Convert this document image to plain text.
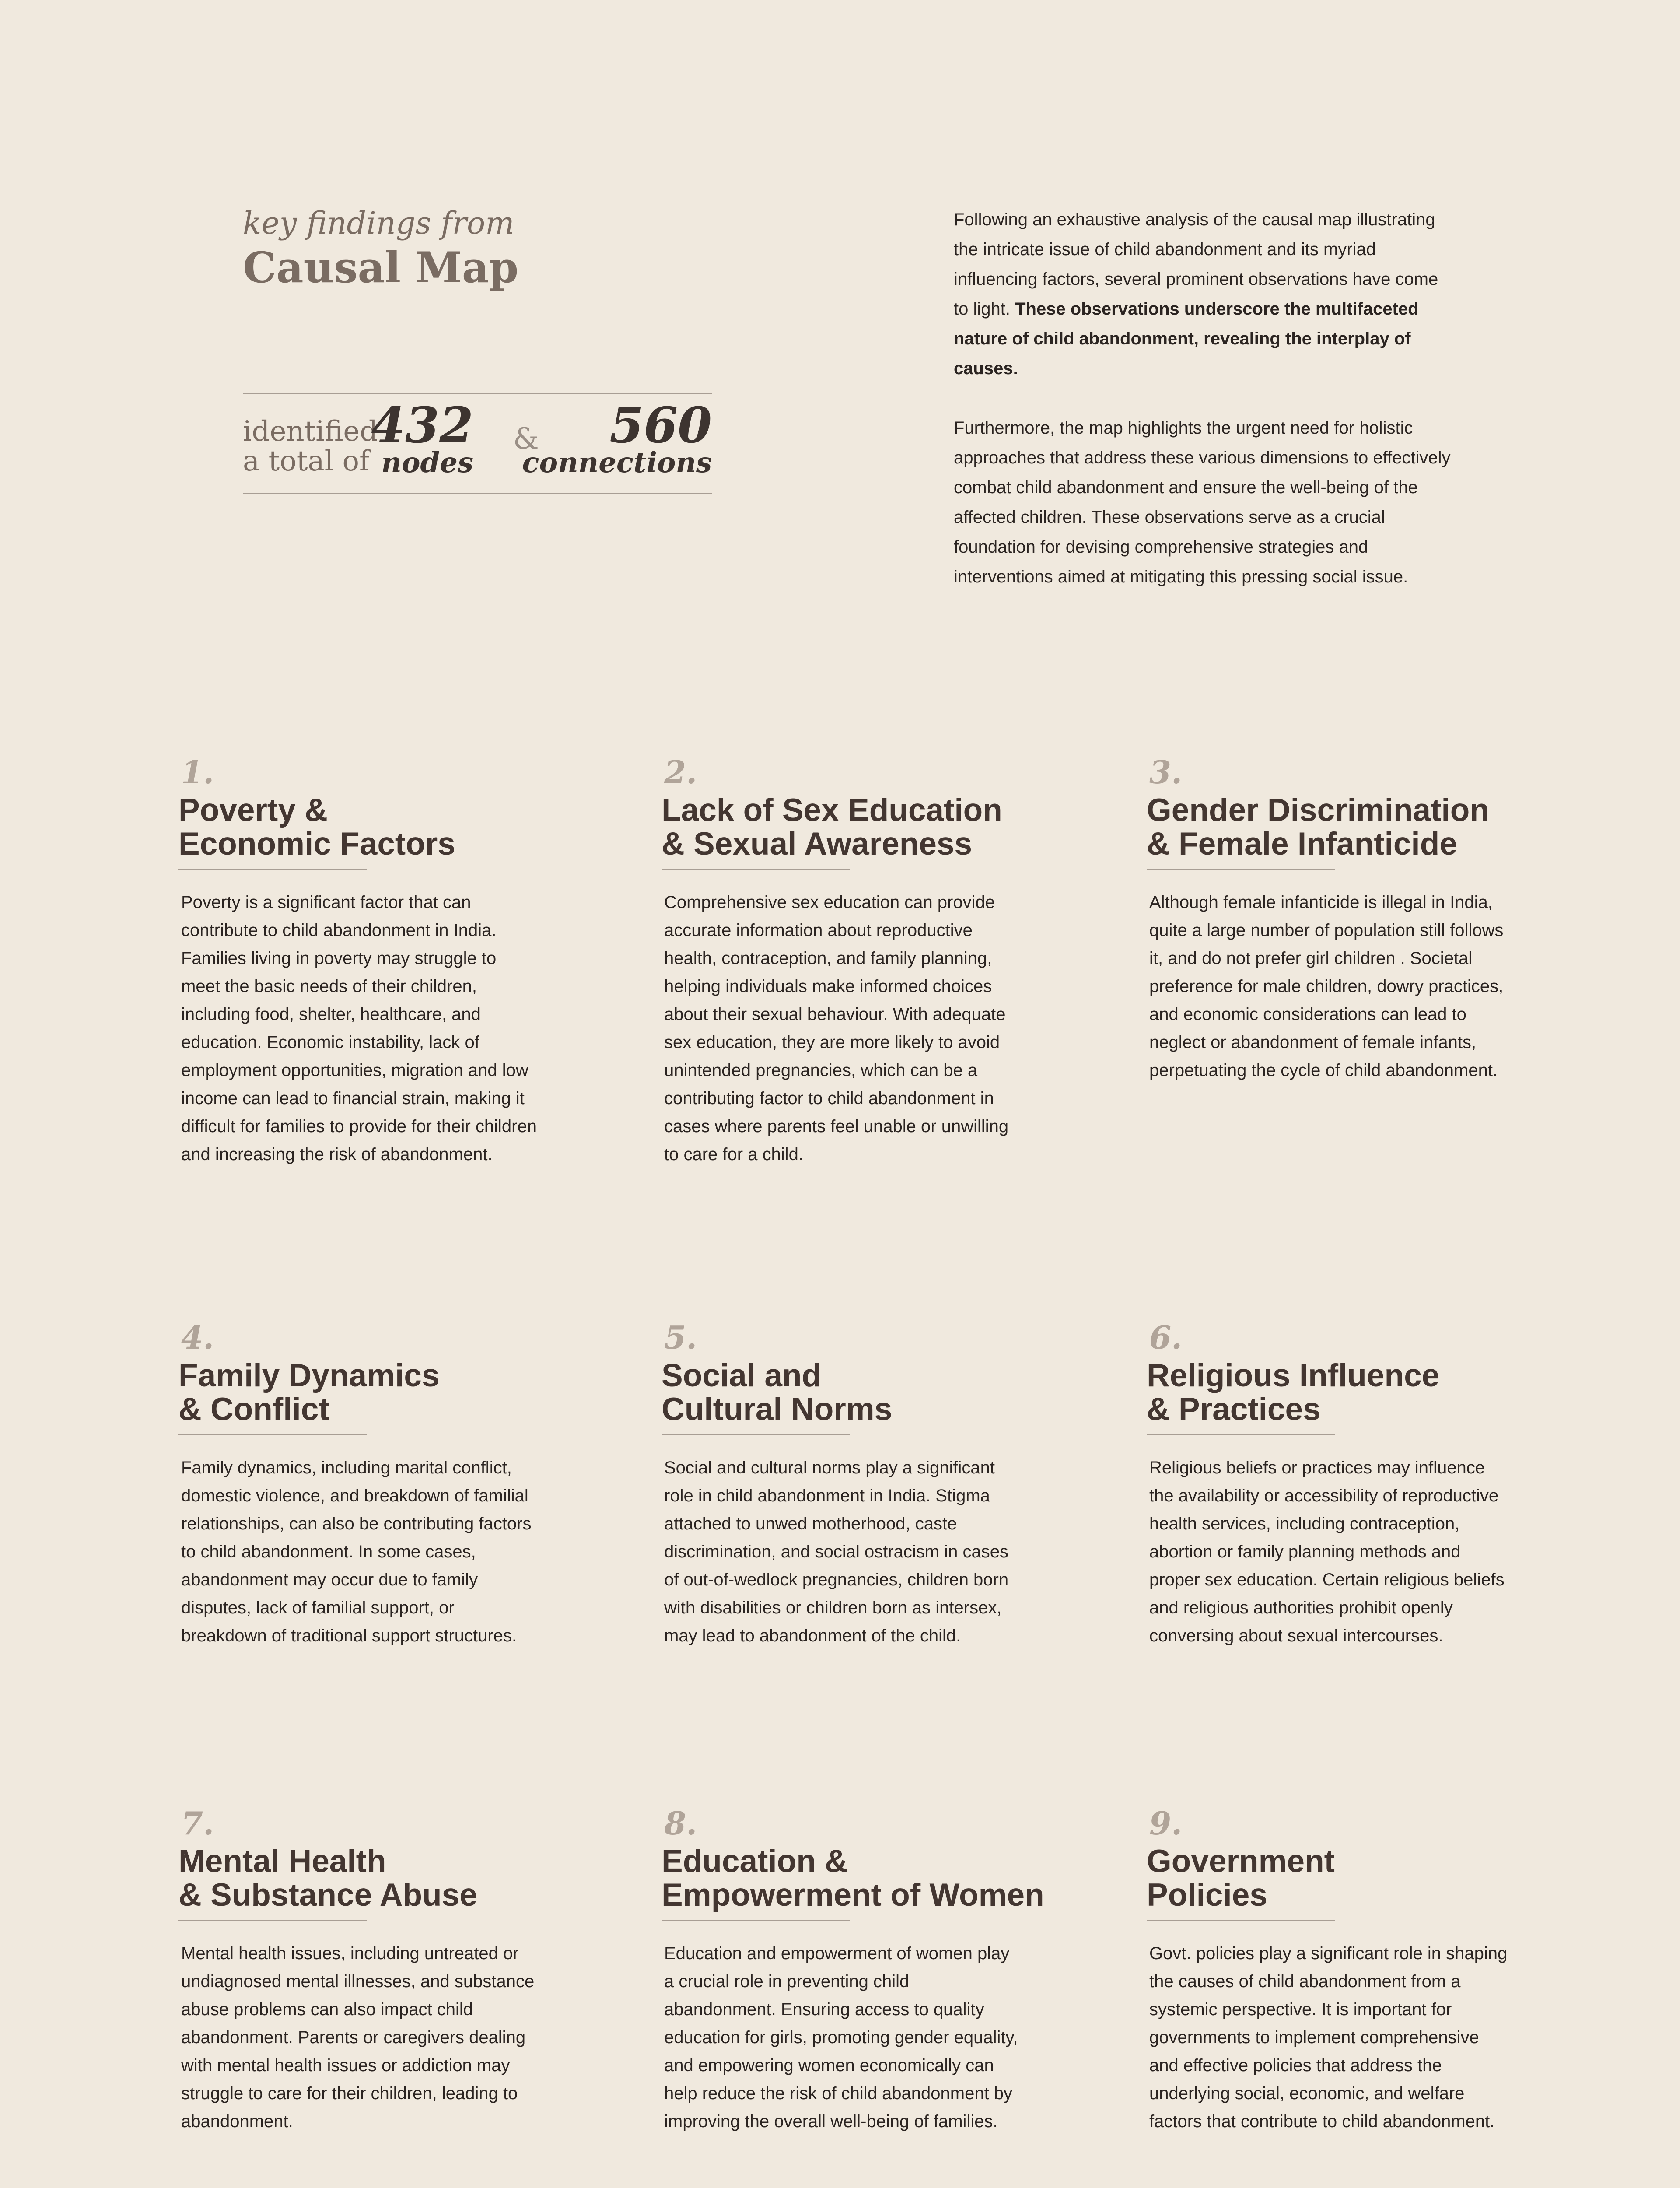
key findings from
Causal Map
identified
a total of
432
nodes
&	560
connections

Following an exhaustive analysis of the causal map illustrating the intricate issue of child abandonment and its myriad influencing factors, several prominent observations have come to light. These observations underscore the multifaceted nature of child abandonment, revealing the interplay of causes.

Furthermore, the map highlights the urgent need for holistic approaches that address these various dimensions to effectively combat child abandonment and ensure the well-being of the affected children. These observations serve as a crucial foundation for devising comprehensive strategies and interventions aimed at mitigating this pressing social issue.

1.
Poverty &
Economic Factors
Poverty is a significant factor that can contribute to child abandonment in India. Families living in poverty may struggle to meet the basic needs of their children, including food, shelter, healthcare, and education. Economic instability, lack of employment opportunities, migration and low income can lead to financial strain, making it difficult for families to provide for their children and increasing the risk of abandonment.
2.
Lack of Sex Education
& Sexual Awareness
Comprehensive sex education can provide accurate information about reproductive health, contraception, and family planning, helping individuals make informed choices about their sexual behaviour. With adequate sex education, they are more likely to avoid unintended pregnancies, which can be a contributing factor to child abandonment in cases where parents feel unable or unwilling to care for a child.
3.
Gender Discrimination
& Female Infanticide
Although female infanticide is illegal in India, quite a large number of population still follows it, and do not prefer girl children . Societal preference for male children, dowry practices, and economic considerations can lead to neglect or abandonment of female infants, perpetuating the cycle of child abandonment.
4.
Family Dynamics
& Conflict
Family dynamics, including marital conflict, domestic violence, and breakdown of familial relationships, can also be contributing factors to child abandonment. In some cases, abandonment may occur due to family disputes, lack of familial support, or breakdown of traditional support structures.
5.
Social and
Cultural Norms
Social and cultural norms play a significant role in child abandonment in India. Stigma attached to unwed motherhood, caste discrimination, and social ostracism in cases of out-of-wedlock pregnancies, children born with disabilities or children born as intersex, may lead to abandonment of the child.
6.
Religious Influence
& Practices
Religious beliefs or practices may influence the availability or accessibility of reproductive health services, including contraception, abortion or family planning methods and proper sex education. Certain religious beliefs and religious authorities prohibit openly conversing about sexual intercourses.
7.
Mental Health
& Substance Abuse
Mental health issues, including untreated or undiagnosed mental illnesses, and substance abuse problems can also impact child abandonment. Parents or caregivers dealing with mental health issues or addiction may struggle to care for their children, leading to abandonment.
8.
Education &
Empowerment of Women
Education and empowerment of women play a crucial role in preventing child abandonment. Ensuring access to quality education for girls, promoting gender equality, and empowering women economically can help reduce the risk of child abandonment by improving the overall well-being of families.
9.
Government
Policies
Govt. policies play a significant role in shaping the causes of child abandonment from a systemic perspective. It is important for governments to implement comprehensive and effective policies that address the underlying social, economic, and welfare factors that contribute to child abandonment.
